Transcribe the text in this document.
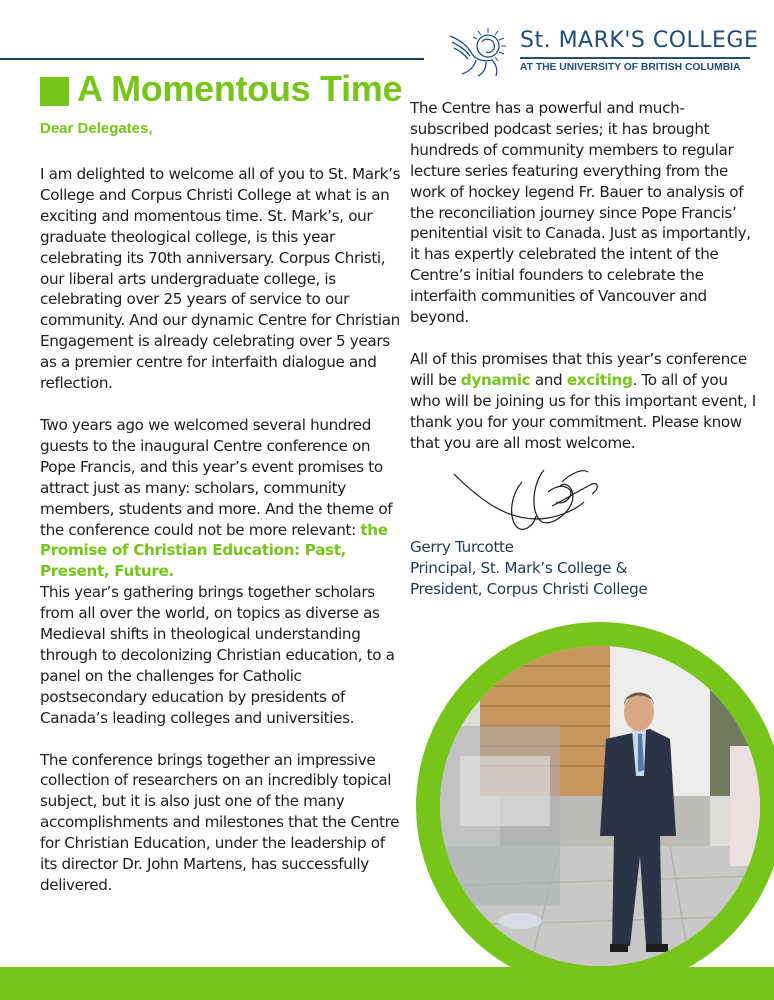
St. MARK'S COLLEGE
AT THE UNIVERSITY OF BRITISH COLUMBIA
A Momentous Time
Dear Delegates,

I am delighted to welcome all of you to St. Mark’s College and Corpus Christi College at what is an exciting and momentous time. St. Mark’s, our graduate theological college, is this year celebrating its 70th anniversary. Corpus Christi, our liberal arts undergraduate college, is celebrating over 25 years of service to our community. And our dynamic Centre for Christian Engagement is already celebrating over 5 years as a premier centre for interfaith dialogue and reflection.

Two years ago we welcomed several hundred guests to the inaugural Centre conference on Pope Francis, and this year’s event promises to attract just as many: scholars, community members, students and more. And the theme of the conference could not be more relevant: the Promise of Christian Education: Past, Present, Future.
This year’s gathering brings together scholars from all over the world, on topics as diverse as Medieval shifts in theological understanding through to decolonizing Christian education, to a panel on the challenges for Catholic postsecondary education by presidents of Canada’s leading colleges and universities.

The conference brings together an impressive collection of researchers on an incredibly topical subject, but it is also just one of the many accomplishments and milestones that the Centre for Christian Education, under the leadership of its director Dr. John Martens, has successfully delivered.

The Centre has a powerful and much-subscribed podcast series; it has brought hundreds of community members to regular lecture series featuring everything from the work of hockey legend Fr. Bauer to analysis of the reconciliation journey since Pope Francis’ penitential visit to Canada. Just as importantly, it has expertly celebrated the intent of the Centre’s initial founders to celebrate the interfaith communities of Vancouver and beyond.

All of this promises that this year’s conference will be dynamic and exciting. To all of you who will be joining us for this important event, I thank you for your commitment. Please know that you are all most welcome.

Gerry Turcotte
Principal, St. Mark’s College &
President, Corpus Christi College
